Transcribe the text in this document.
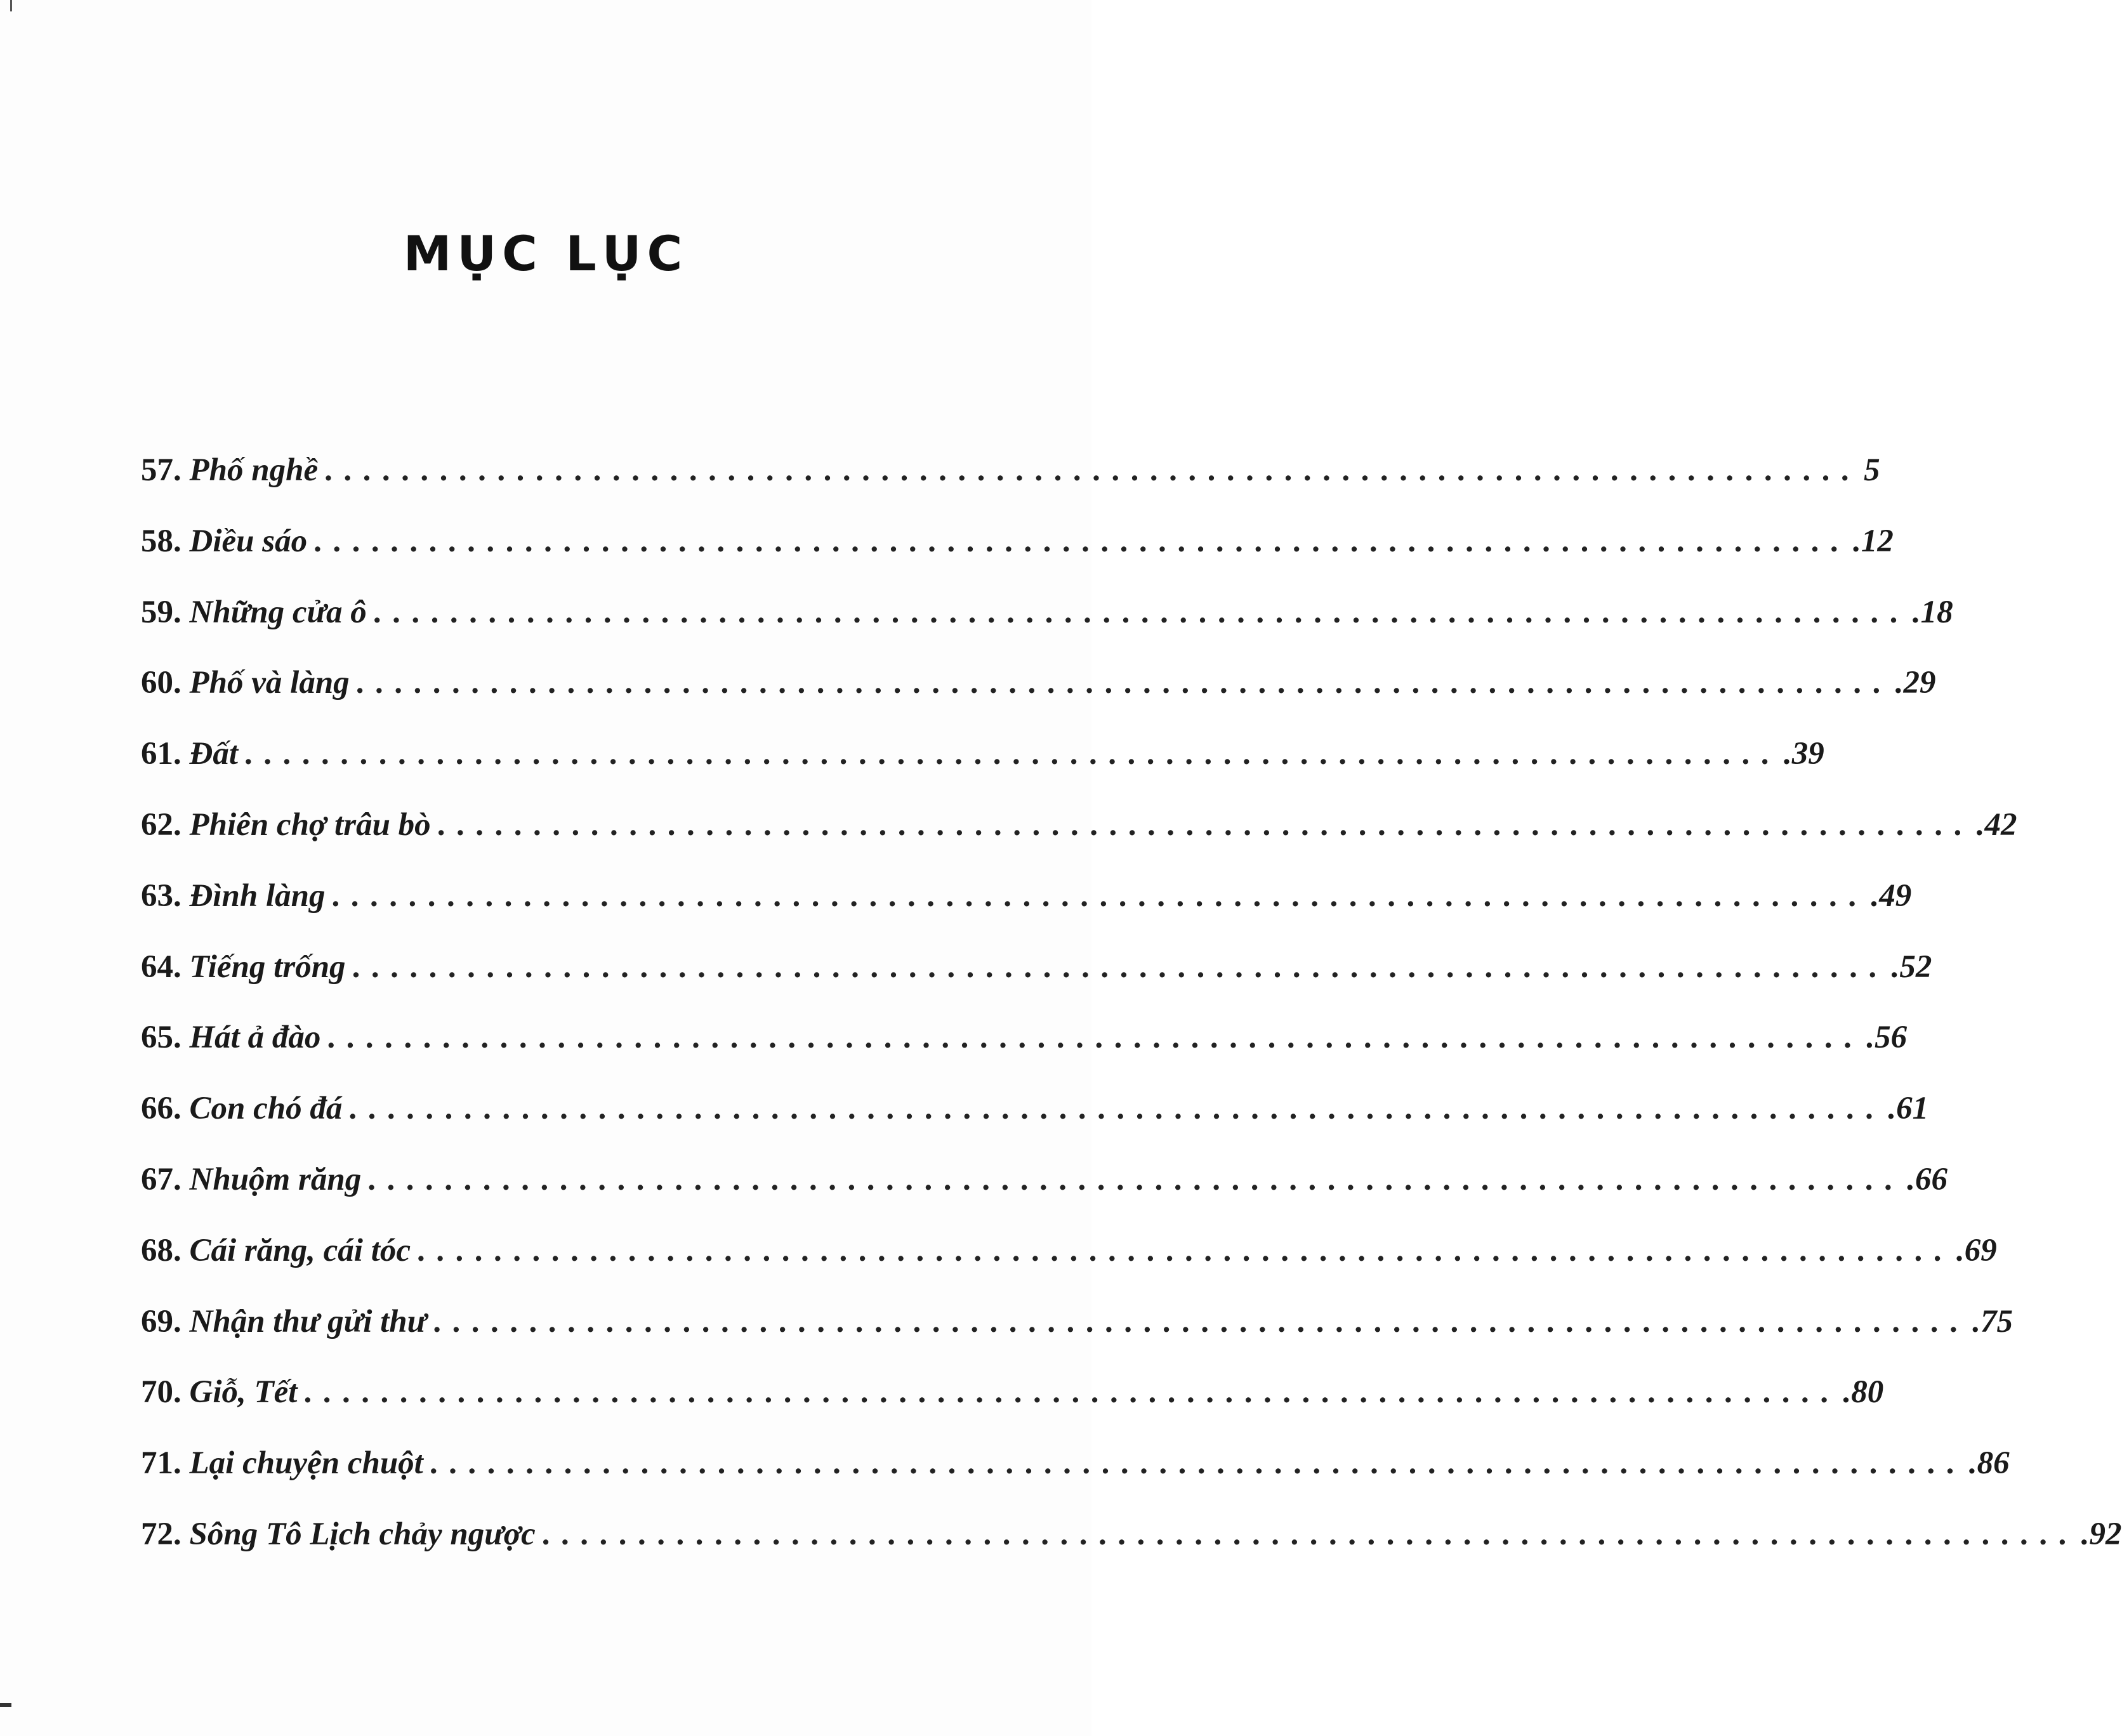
MỤC LỤC
57. Phố nghề ................................................................................ 5
58. Diều sáo ................................................................................ .12
59. Những cửa ô ................................................................................ .18
60. Phố và làng ................................................................................ .29
61. Đất ................................................................................ .39
62. Phiên chợ trâu bò ................................................................................ .42
63. Đình làng ................................................................................ .49
64. Tiếng trống ................................................................................ .52
65. Hát ả đào ................................................................................ .56
66. Con chó đá ................................................................................ .61
67. Nhuộm răng ................................................................................ .66
68. Cái răng, cái tóc ................................................................................ .69
69. Nhận thư gửi thư ................................................................................ .75
70. Giỗ, Tết ................................................................................ .80
71. Lại chuyện chuột ................................................................................ .86
72. Sông Tô Lịch chảy ngược ................................................................................ .92
